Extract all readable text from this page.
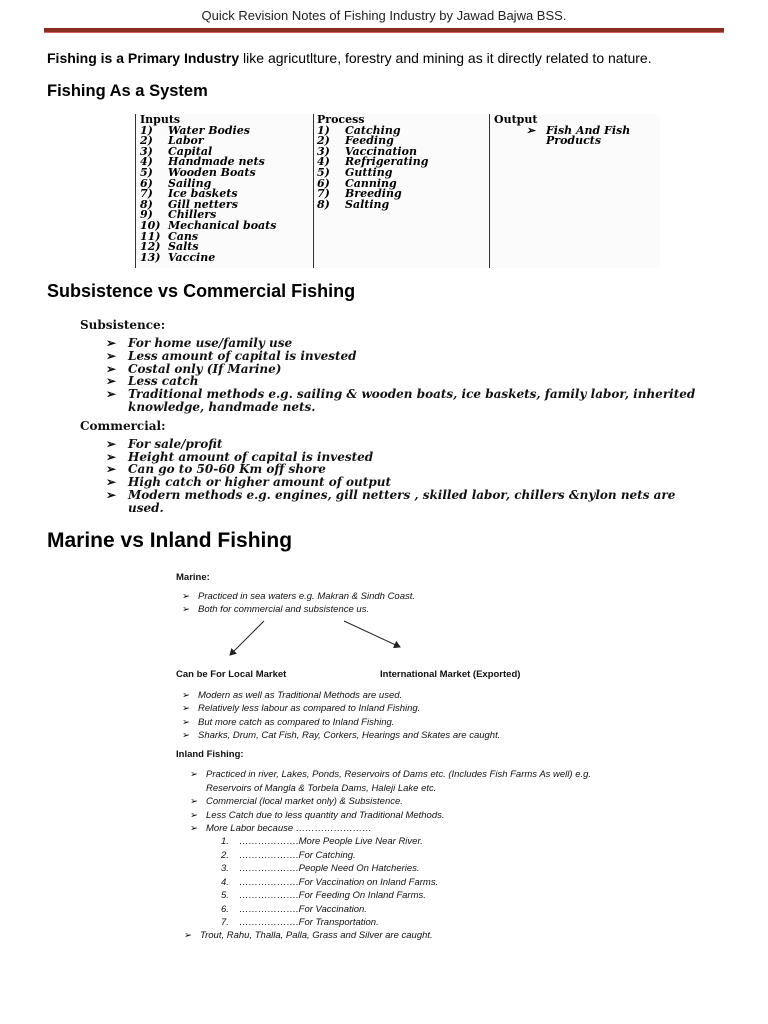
Quick Revision Notes of Fishing Industry by Jawad Bajwa BSS.
Fishing is a Primary Industry like agricutlture, forestry and mining as it directly related to nature.
Fishing As a System
Inputs
1) Water Bodies
2) Labor
3) Capital
4) Handmade nets
5) Wooden Boats
6) Sailing
7) Ice baskets
8) Gill netters
9) Chillers
10) Mechanical boats
11) Cans
12) Salts
13) Vaccine
Process
1) Catching
2) Feeding
3) Vaccination
4) Refrigerating
5) Gutting
6) Canning
7) Breeding
8) Salting
Output
➢ Fish And Fish Products
Subsistence vs Commercial Fishing
Subsistence:
➢ For home use/family use
➢ Less amount of capital is invested
➢ Costal only (If Marine)
➢ Less catch
➢ Traditional methods e.g. sailing & wooden boats, ice baskets, family labor, inherited knowledge, handmade nets.
Commercial:
➢ For sale/profit
➢ Height amount of capital is invested
➢ Can go to 50-60 Km off shore
➢ High catch or higher amount of output
➢ Modern methods e.g. engines, gill netters , skilled labor, chillers &nylon nets are used.
Marine vs Inland Fishing
Marine:
➢ Practiced in sea waters e.g. Makran & Sindh Coast.
➢ Both for commercial and subsistence us.
Can be For Local Market	International Market (Exported)
➢ Modern as well as Traditional Methods are used.
➢ Relatively less labour as compared to Inland Fishing.
➢ But more catch as compared to Inland Fishing.
➢ Sharks, Drum, Cat Fish, Ray, Corkers, Hearings and Skates are caught.
Inland Fishing:
➢ Practiced in river, Lakes, Ponds, Reservoirs of Dams etc. (Includes Fish Farms As well) e.g. Reservoirs of Mangla & Torbela Dams, Haleji Lake etc.
➢ Commercial (local market only) & Subsistence.
➢ Less Catch due to less quantity and Traditional Methods.
➢ More Labor because ……………………
1. ……………….More People Live Near River.
2. ……………….For Catching.
3. ……………….People Need On Hatcheries.
4. ……………….For Vaccination on Inland Farms.
5. ……………….For Feeding On Inland Farms.
6. ……………….For Vaccination.
7. ……………….For Transportation.
➢ Trout, Rahu, Thalla, Palla, Grass and Silver are caught.
